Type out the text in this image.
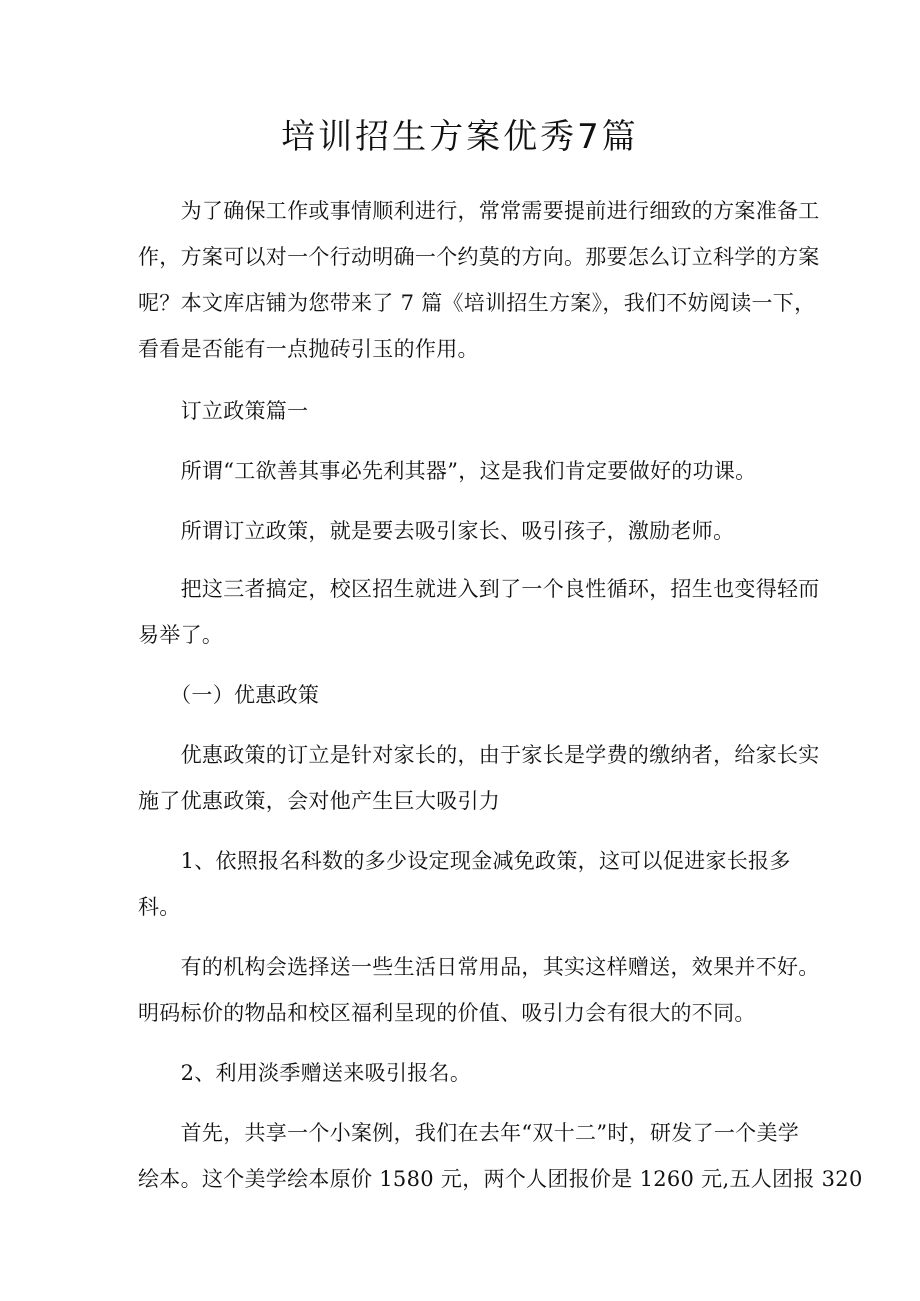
培训招生方案优秀7篇

　　为了确保工作或事情顺利进行，常常需要提前进行细致的方案准备工
作，方案可以对一个行动明确一个约莫的方向。那要怎么订立科学的方案
呢？本文库店铺为您带来了 7 篇《培训招生方案》，我们不妨阅读一下，
看看是否能有一点抛砖引玉的作用。

　　订立政策篇一

　　所谓“工欲善其事必先利其器”，这是我们肯定要做好的功课。

　　所谓订立政策，就是要去吸引家长、吸引孩子，激励老师。

　　把这三者搞定，校区招生就进入到了一个良性循环，招生也变得轻而
易举了。

　　（一）优惠政策

　　优惠政策的订立是针对家长的，由于家长是学费的缴纳者，给家长实
施了优惠政策，会对他产生巨大吸引力

　　1、依照报名科数的多少设定现金减免政策，这可以促进家长报多
科。

　　有的机构会选择送一些生活日常用品，其实这样赠送，效果并不好。
明码标价的物品和校区福利呈现的价值、吸引力会有很大的不同。

　　2、利用淡季赠送来吸引报名。

　　首先，共享一个小案例，我们在去年“双十二”时，研发了一个美学
绘本。这个美学绘本原价 1580 元，两个人团报价是 1260 元,五人团报 320
